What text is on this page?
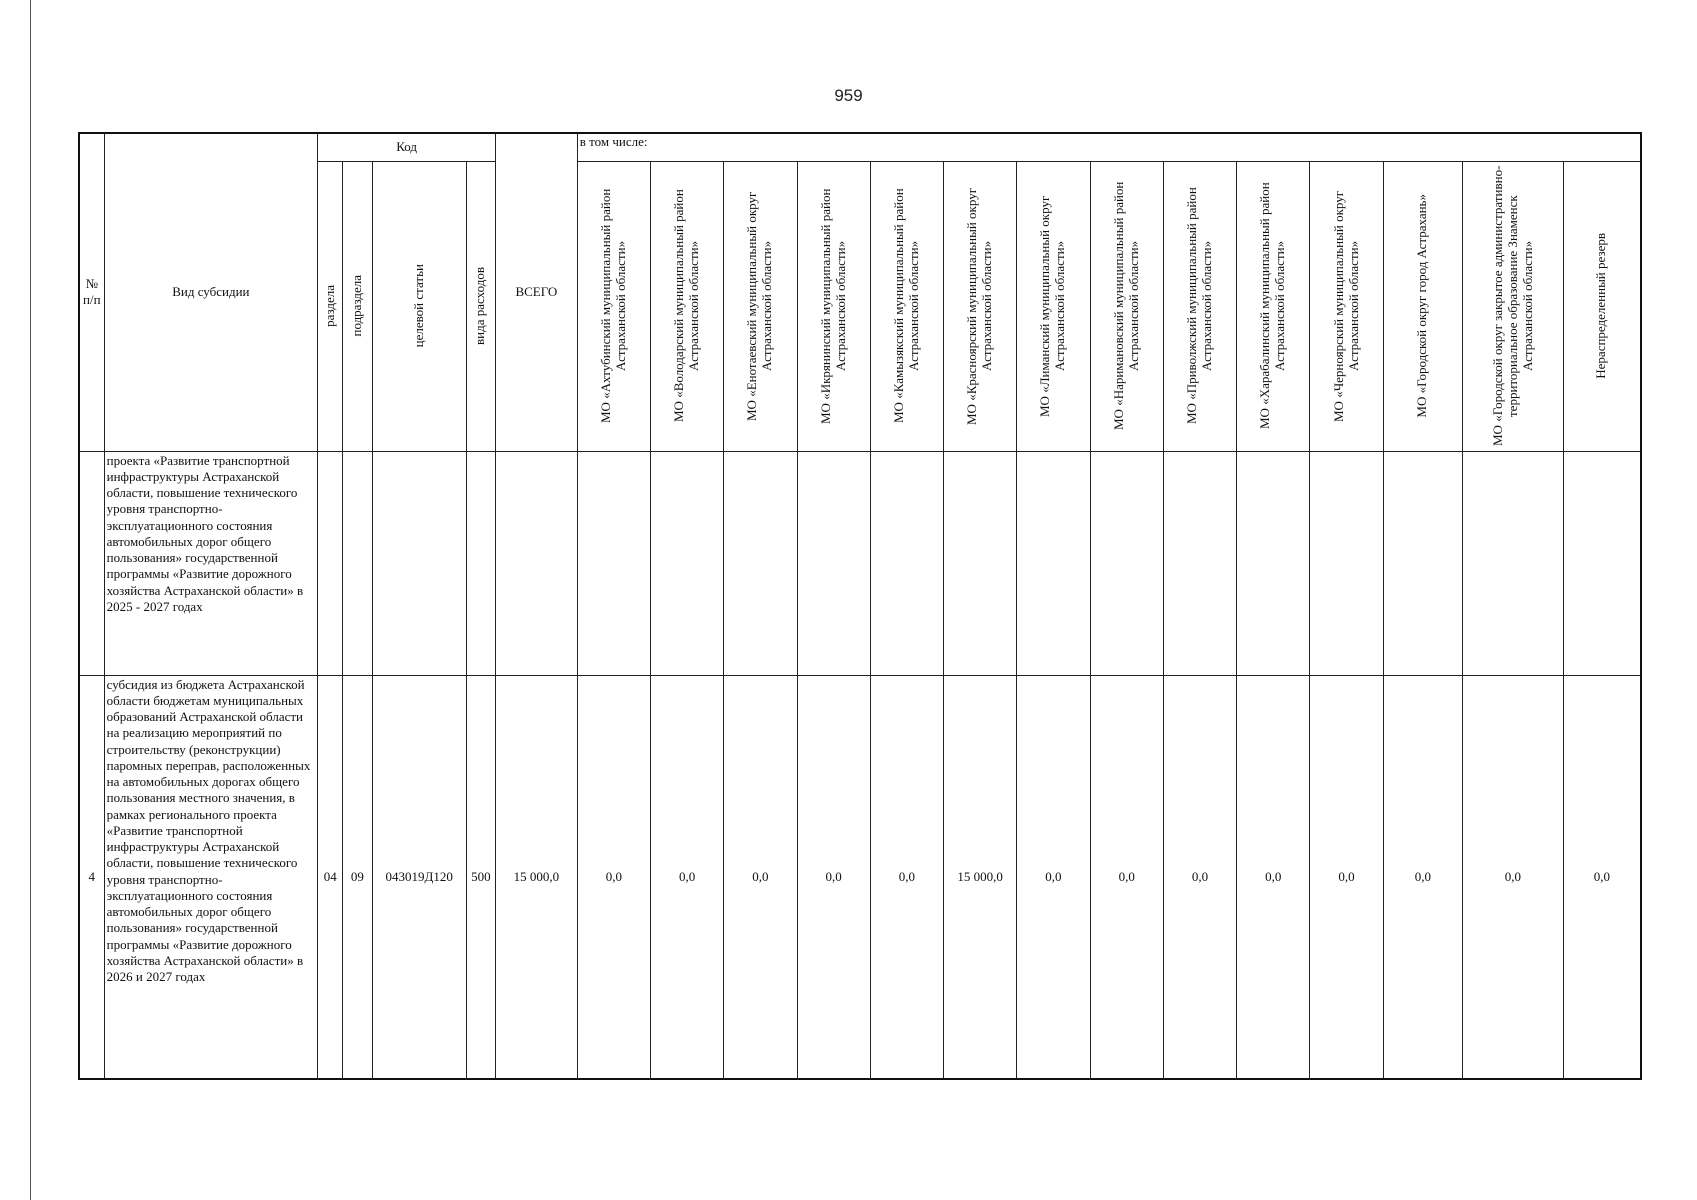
959
№ п/п	Вид субсидии	Код				ВСЕГО	в том числе:													

		раздела	подраздела	целевой статьи	вида расходов		МО «Ахтубинский муниципальный район Астраханской области»	МО «Володарский муниципальный район Астраханской области»	МО «Енотаевский муниципальный округ Астраханской области»	МО «Икрянинский муниципальный район Астраханской области»	МО «Камызякский муниципальный район Астраханской области»	МО «Красноярский муниципальный округ Астраханской области»	МО «Лиманский муниципальный округ Астраханской области»	МО «Наримановский муниципальный район Астраханской области»	МО «Приволжский муниципальный район Астраханской области»	МО «Харабалинский муниципальный район Астраханской области»	МО «Черноярский муниципальный округ Астраханской области»	МО «Городской округ город Астрахань»	МО «Городской округ закрытое административно-территориальное образование Знаменск Астраханской области»	Нераспределенный резерв

	проекта «Развитие транспортной инфраструктуры Астраханской области, повышение технического уровня транспортно-эксплуатационного состояния автомобильных дорог общего пользования» государственной программы «Развитие дорожного хозяйства Астраханской области» в 2025 - 2027 годах																			
4	субсидия из бюджета Астраханской области бюджетам муниципальных образований Астраханской области на реализацию мероприятий по строительству (реконструкции) паромных переправ, расположенных на автомобильных дорогах общего пользования местного значения, в рамках регионального проекта «Развитие транспортной инфраструктуры Астраханской области, повышение технического уровня транспортно-эксплуатационного состояния автомобильных дорог общего пользования» государственной программы «Развитие дорожного хозяйства Астраханской области» в 2026 и 2027 годах	04	09	043019Д120	500	15 000,0	0,0	0,0	0,0	0,0	0,0	15 000,0	0,0	0,0	0,0	0,0	0,0	0,0	0,0	0,0
